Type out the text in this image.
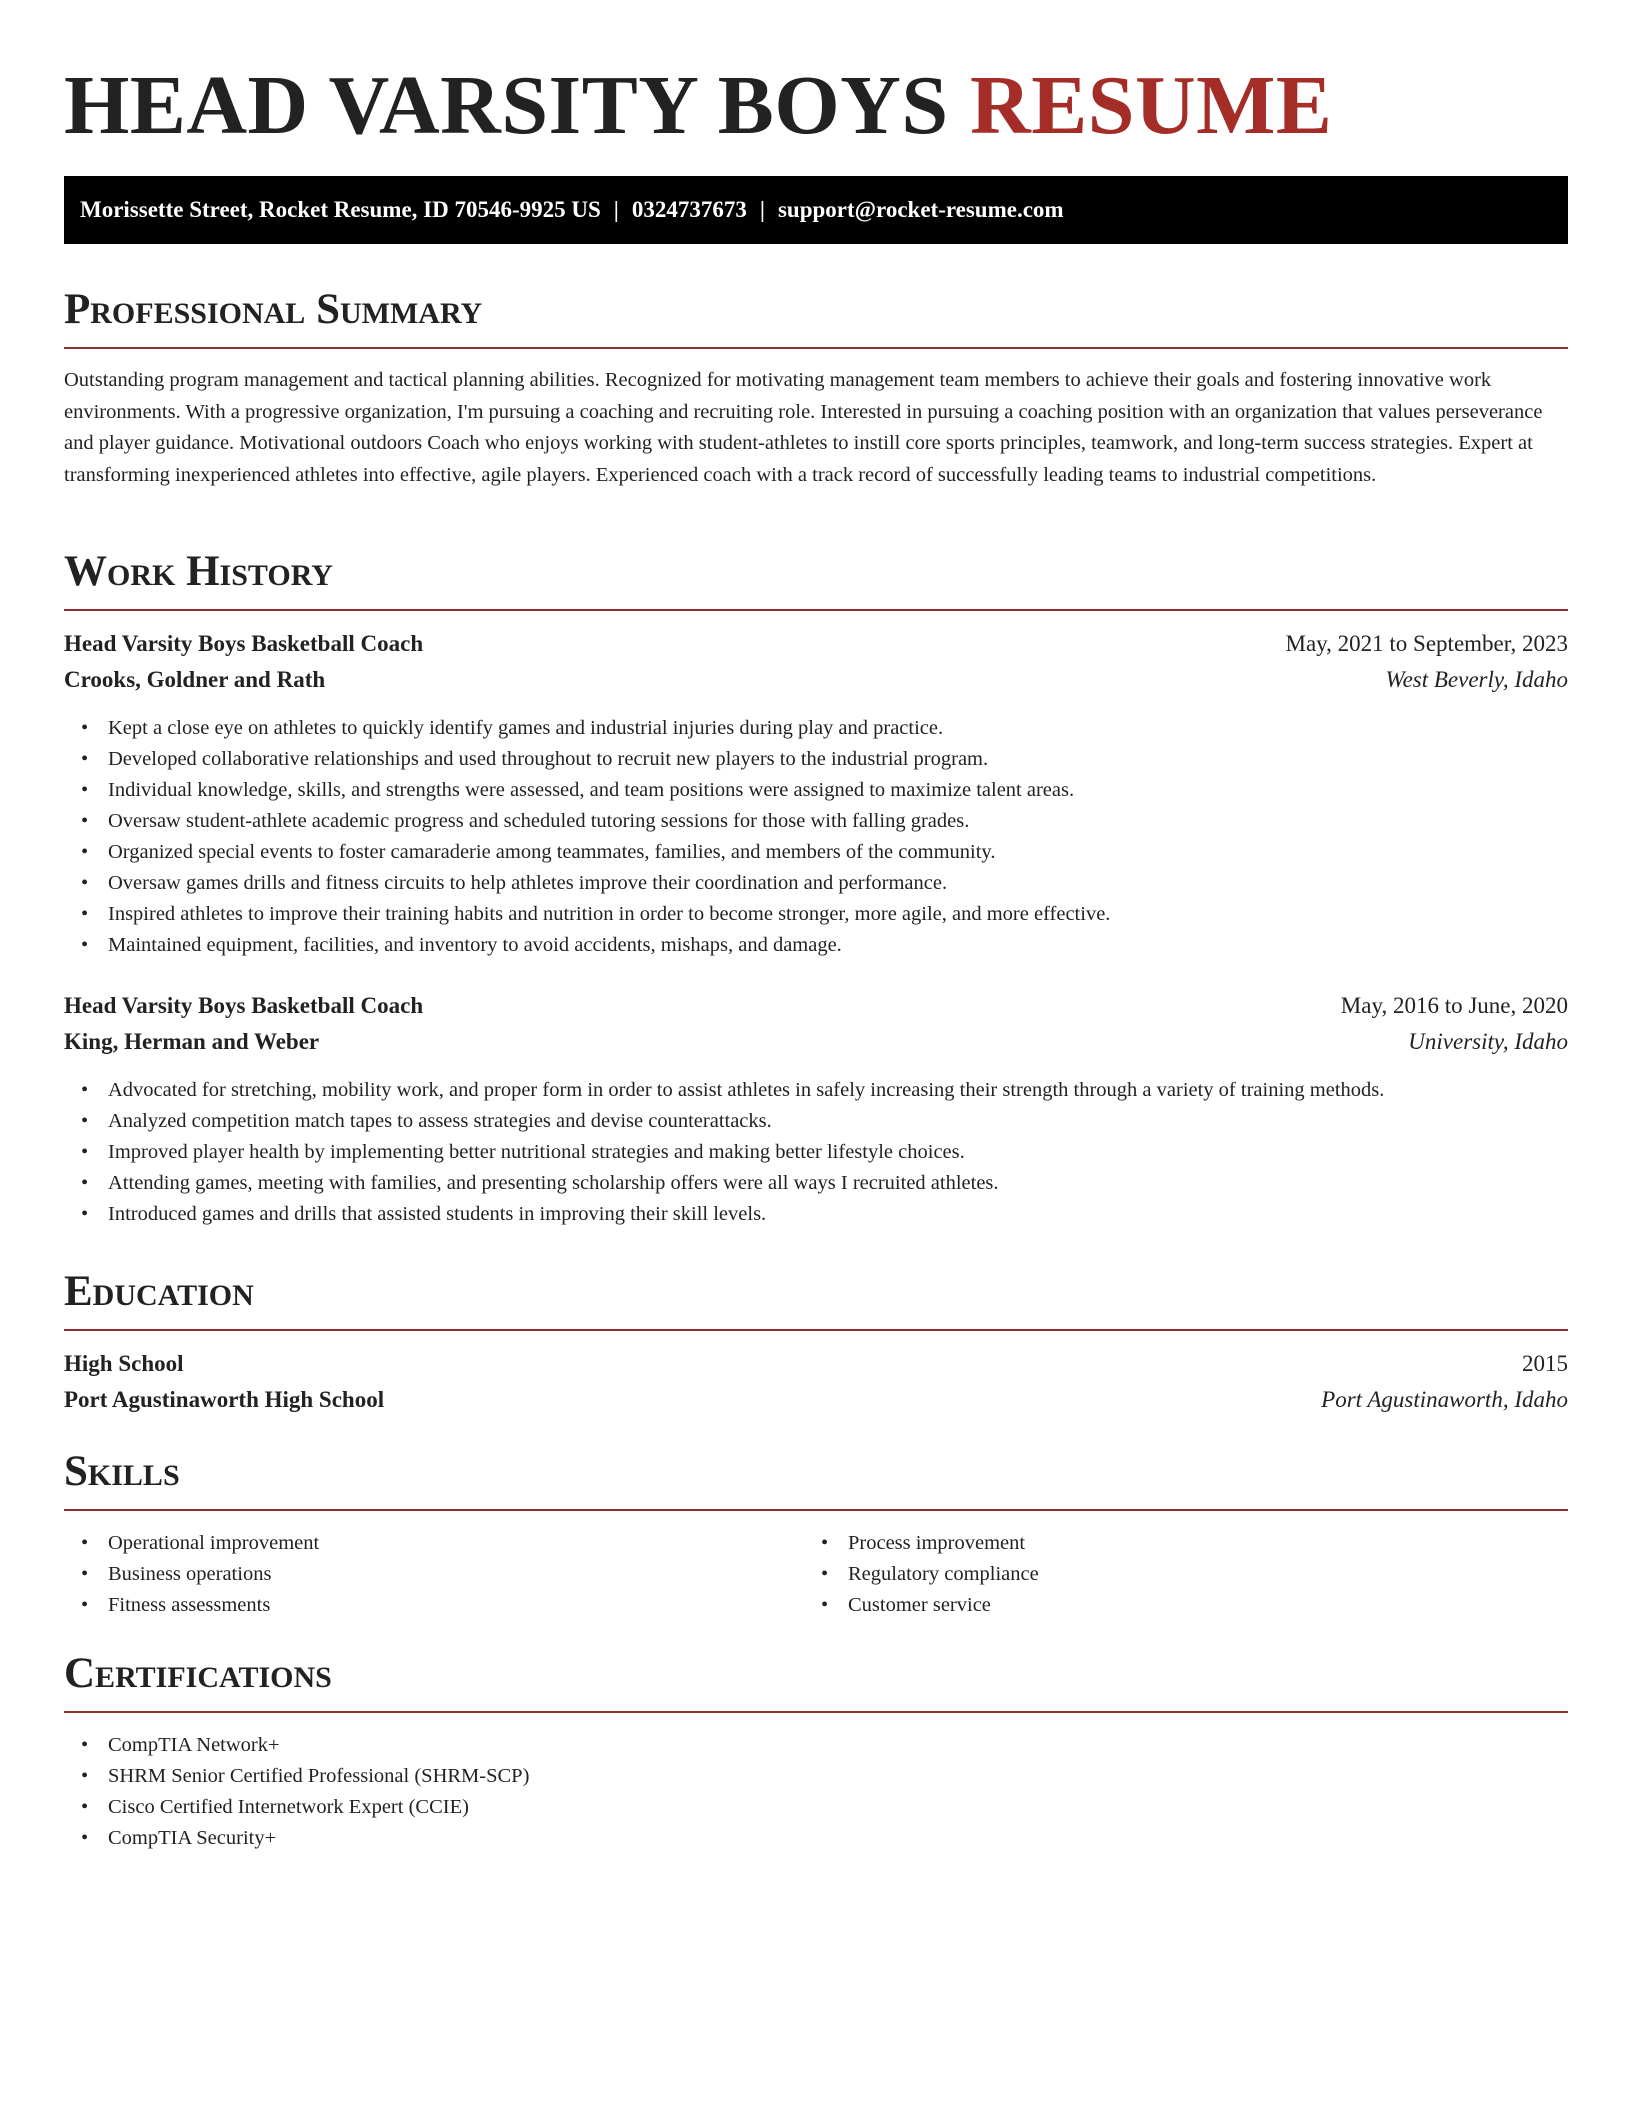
HEAD VARSITY BOYS RESUME
Morissette Street, Rocket Resume, ID 70546-9925 US | 0324737673 | support@rocket-resume.com
Professional Summary

Outstanding program management and tactical planning abilities. Recognized for motivating management team members to achieve their goals and fostering innovative work environments. With a progressive organization, I'm pursuing a coaching and recruiting role. Interested in pursuing a coaching position with an organization that values perseverance and player guidance. Motivational outdoors Coach who enjoys working with student-athletes to instill core sports principles, teamwork, and long-term success strategies. Expert at transforming inexperienced athletes into effective, agile players. Experienced coach with a track record of successfully leading teams to industrial competitions.

Work History
Head Varsity Boys Basketball Coach	May, 2021 to September, 2023
Crooks, Goldner and Rath	West Beverly, Idaho
• Kept a close eye on athletes to quickly identify games and industrial injuries during play and practice.
• Developed collaborative relationships and used throughout to recruit new players to the industrial program.
• Individual knowledge, skills, and strengths were assessed, and team positions were assigned to maximize talent areas.
• Oversaw student-athlete academic progress and scheduled tutoring sessions for those with falling grades.
• Organized special events to foster camaraderie among teammates, families, and members of the community.
• Oversaw games drills and fitness circuits to help athletes improve their coordination and performance.
• Inspired athletes to improve their training habits and nutrition in order to become stronger, more agile, and more effective.
• Maintained equipment, facilities, and inventory to avoid accidents, mishaps, and damage.
Head Varsity Boys Basketball Coach	May, 2016 to June, 2020
King, Herman and Weber	University, Idaho
• Advocated for stretching, mobility work, and proper form in order to assist athletes in safely increasing their strength through a variety of training methods.
• Analyzed competition match tapes to assess strategies and devise counterattacks.
• Improved player health by implementing better nutritional strategies and making better lifestyle choices.
• Attending games, meeting with families, and presenting scholarship offers were all ways I recruited athletes.
• Introduced games and drills that assisted students in improving their skill levels.
Education
High School	2015
Port Agustinaworth High School	Port Agustinaworth, Idaho
Skills
• Operational improvement
• Business operations
• Fitness assessments
• Process improvement
• Regulatory compliance
• Customer service
Certifications
• CompTIA Network+
• SHRM Senior Certified Professional (SHRM-SCP)
• Cisco Certified Internetwork Expert (CCIE)
• CompTIA Security+
